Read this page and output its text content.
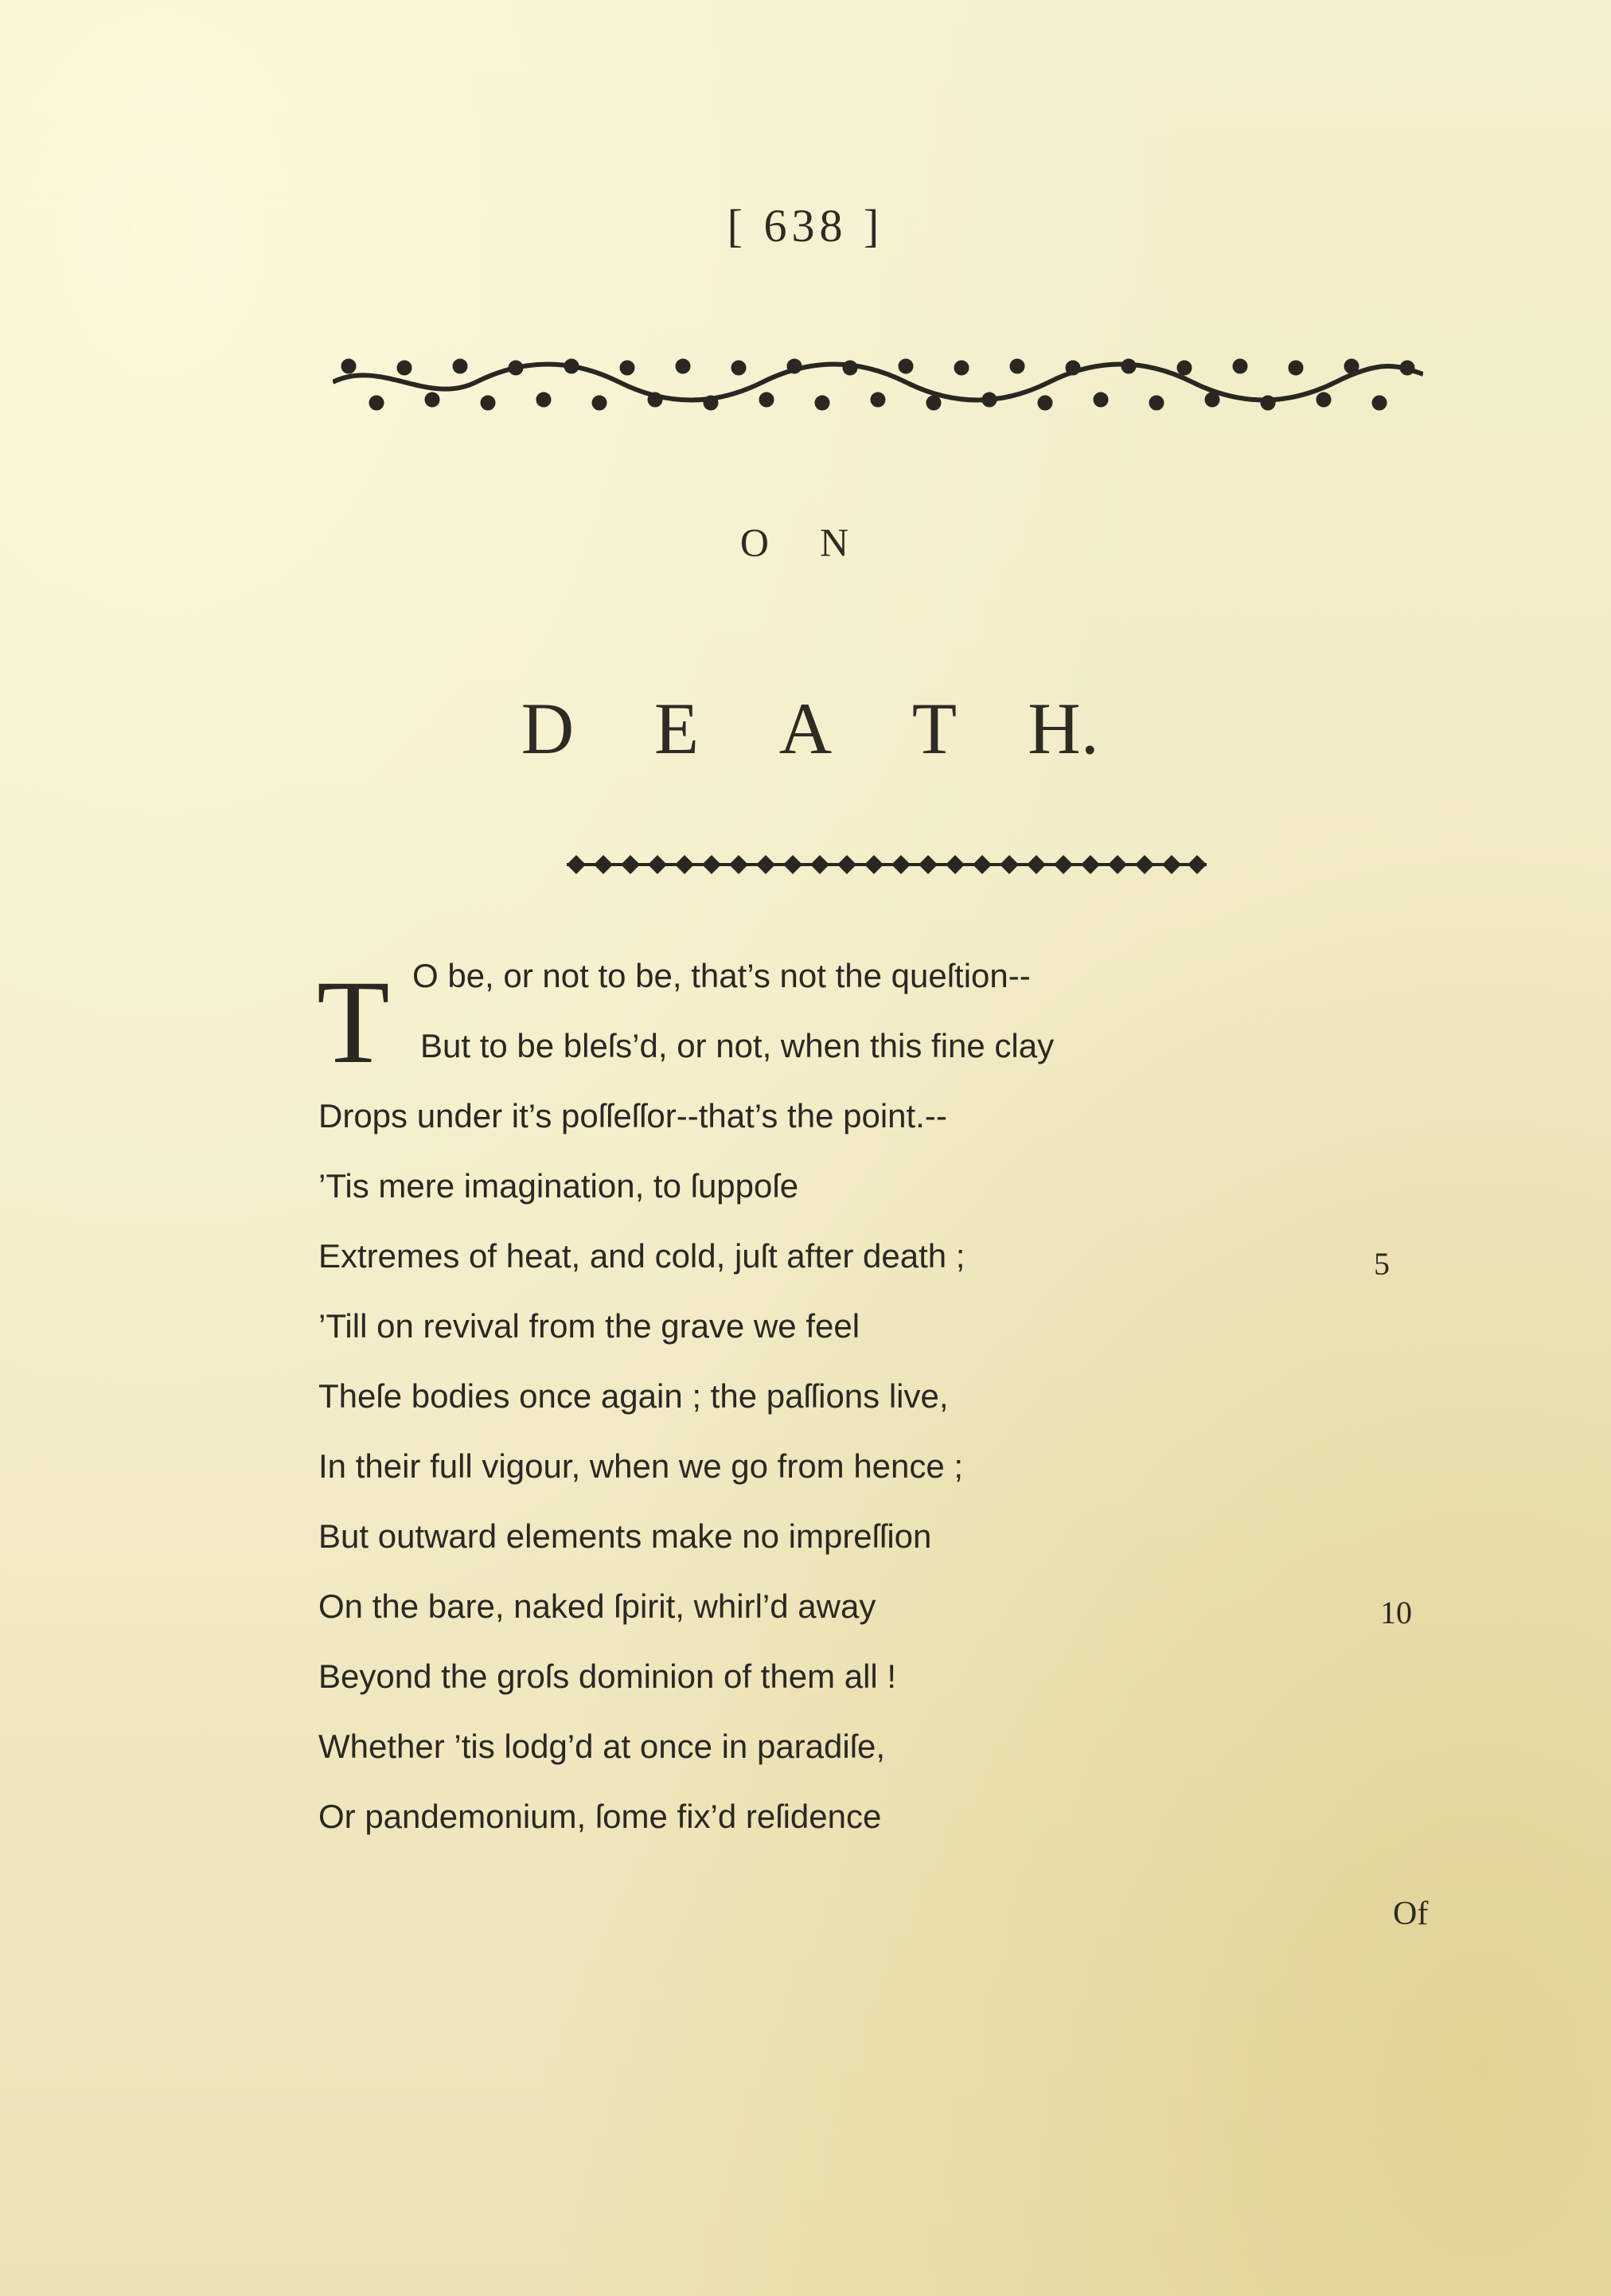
[ 638 ]
ON
D E A T H.
T O be, or not to be, that’s not the queſtion--
But to be bleſs’d, or not, when this fine clay
Drops under it’s poſſeſſor--that’s the point.--
’Tis mere imagination, to ſuppoſe
Extremes of heat, and cold, juſt after death ;
’Till on revival from the grave we feel
Theſe bodies once again ; the paſſions live,
In their full vigour, when we go from hence ;
But outward elements make no impreſſion
On the bare, naked ſpirit, whirl’d away
Beyond the groſs dominion of them all !
Whether ’tis lodg’d at once in paradiſe,
Or pandemonium, ſome fix’d reſidence
5
10
Of
